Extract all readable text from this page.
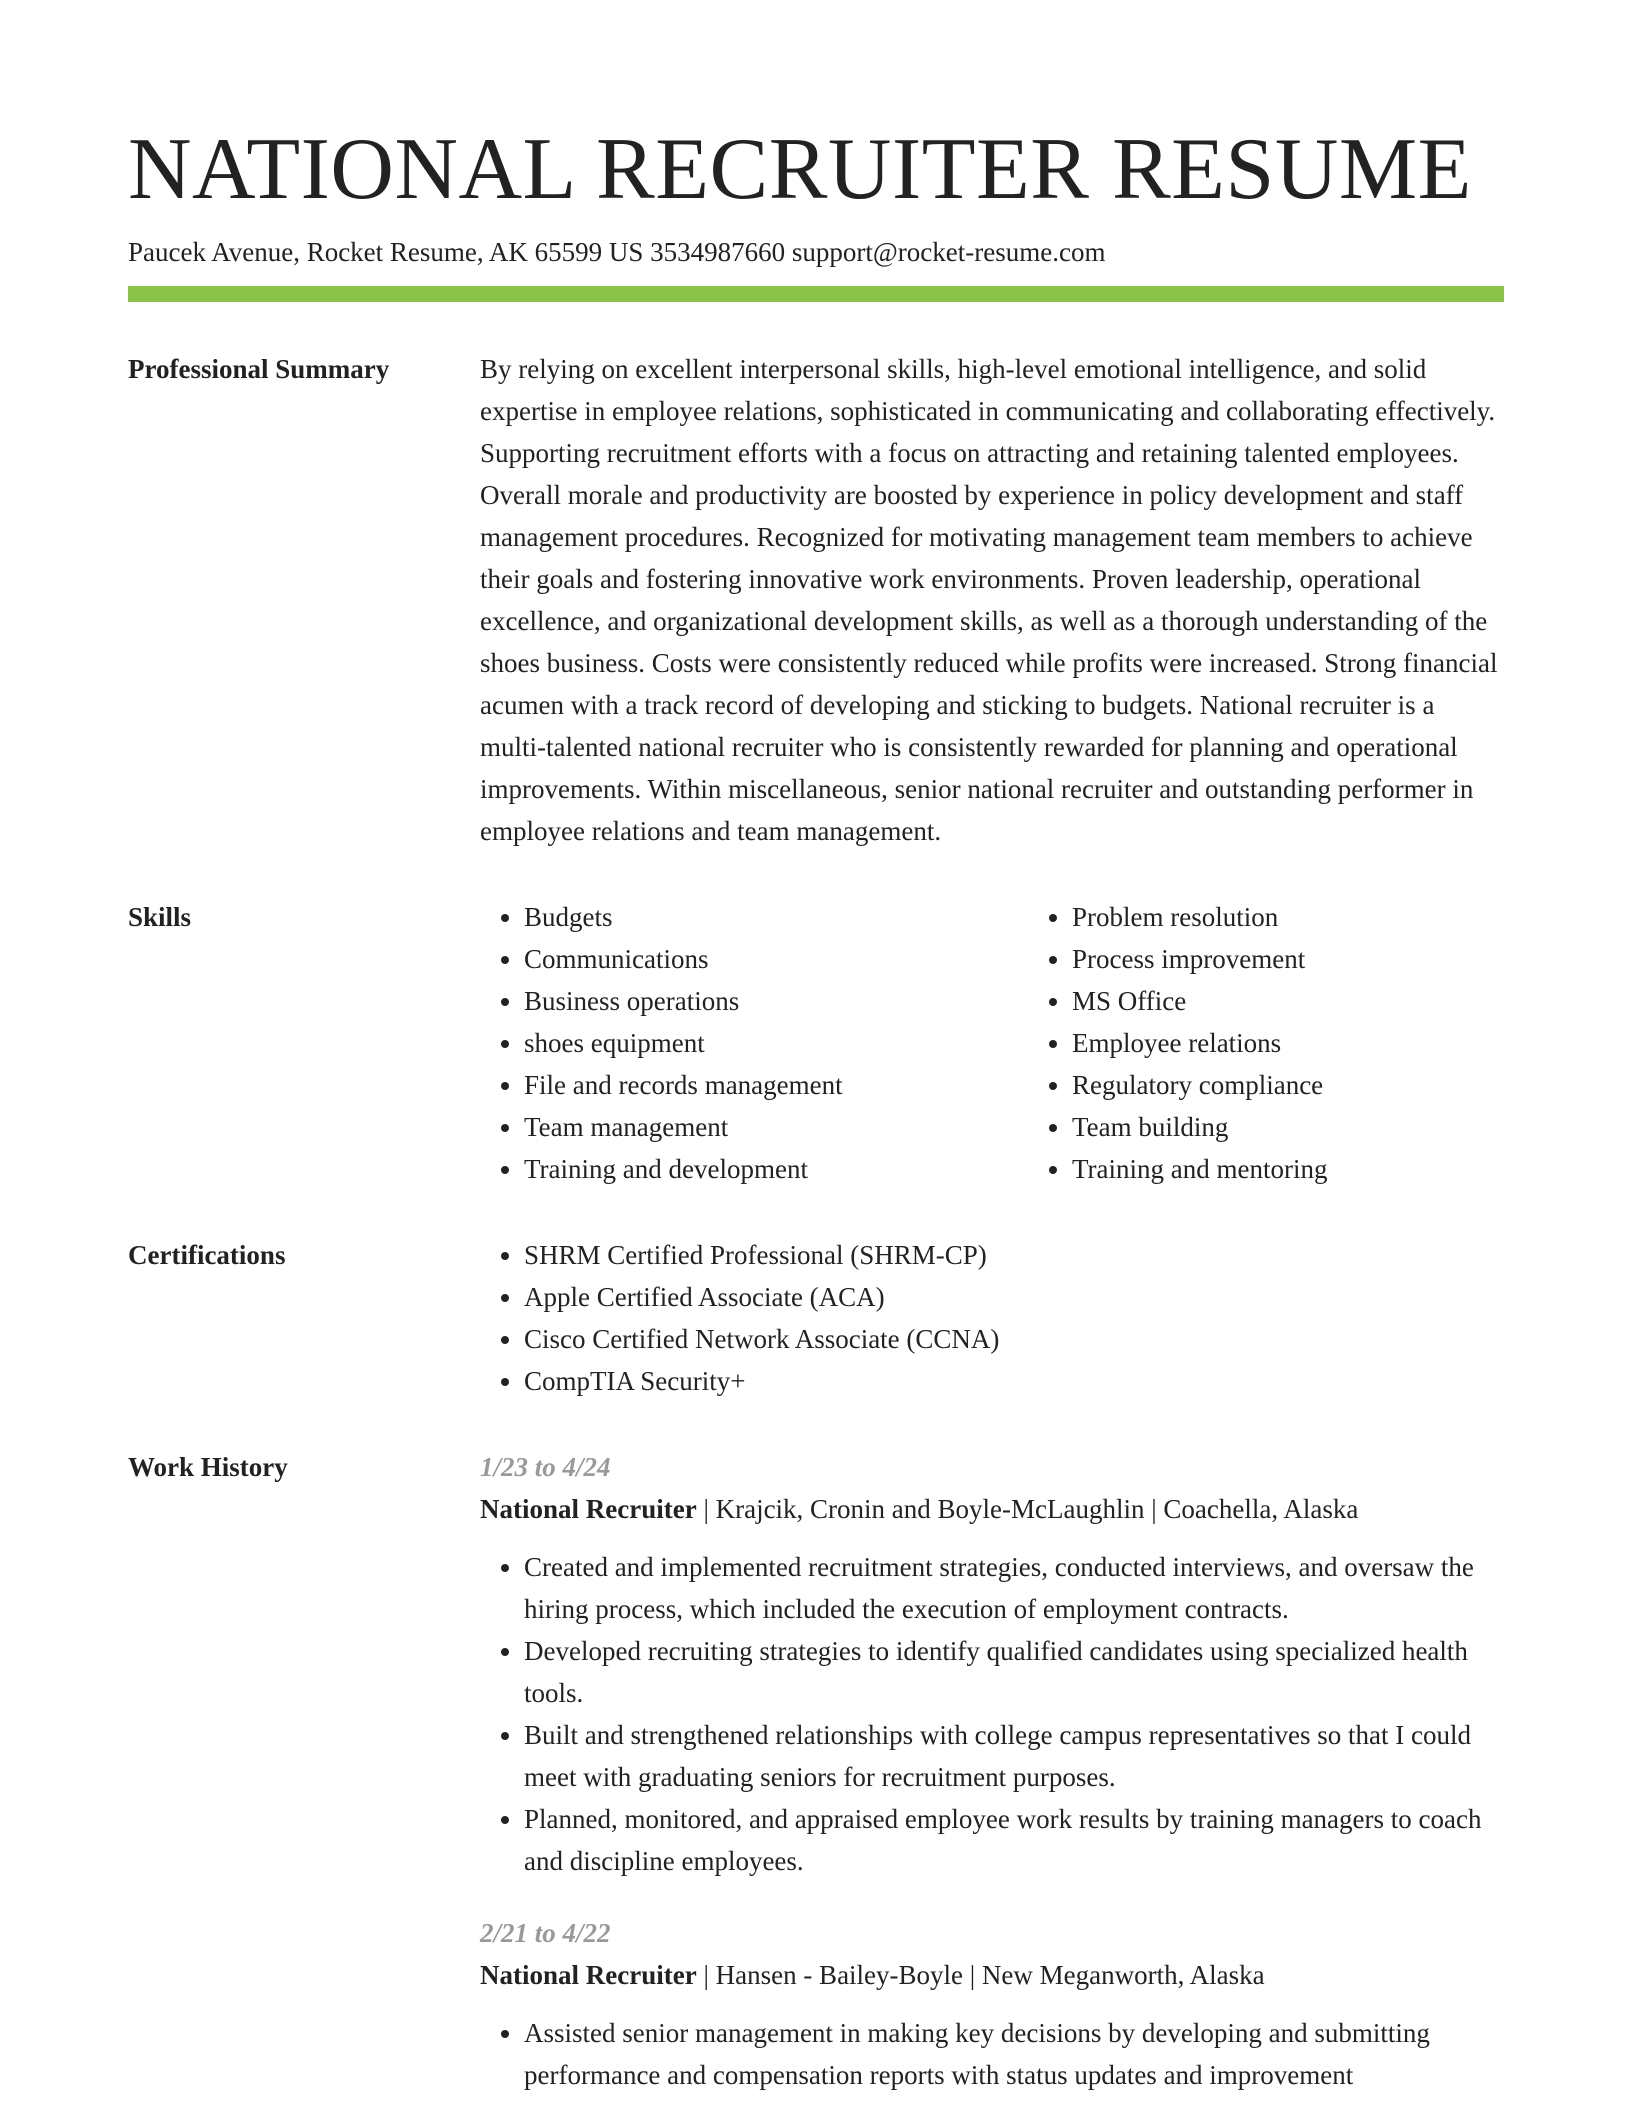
NATIONAL RECRUITER RESUME
Paucek Avenue, Rocket Resume, AK 65599 US 3534987660 support@rocket-resume.com
Professional Summary	By relying on excellent interpersonal skills, high-level emotional intelligence, and solid expertise in employee relations, sophisticated in communicating and collaborating effectively. Supporting recruitment efforts with a focus on attracting and retaining talented employees. Overall morale and productivity are boosted by experience in policy development and staff management procedures. Recognized for motivating management team members to achieve their goals and fostering innovative work environments. Proven leadership, operational excellence, and organizational development skills, as well as a thorough understanding of the shoes business. Costs were consistently reduced while profits were increased. Strong financial acumen with a track record of developing and sticking to budgets. National recruiter is a multi-talented national recruiter who is consistently rewarded for planning and operational improvements. Within miscellaneous, senior national recruiter and outstanding performer in employee relations and team management.

Skills	• Budgets
• Communications
• Business operations
• shoes equipment
• File and records management
• Team management
• Training and development
• Problem resolution
• Process improvement
• MS Office
• Employee relations
• Regulatory compliance
• Team building
• Training and mentoring
Certifications	• SHRM Certified Professional (SHRM-CP)
• Apple Certified Associate (ACA)
• Cisco Certified Network Associate (CCNA)
• CompTIA Security+
Work History	1/23 to 4/24
National Recruiter | Krajcik, Cronin and Boyle-McLaughlin | Coachella, Alaska
• Created and implemented recruitment strategies, conducted interviews, and oversaw the hiring process, which included the execution of employment contracts.
• Developed recruiting strategies to identify qualified candidates using specialized health tools.
• Built and strengthened relationships with college campus representatives so that I could meet with graduating seniors for recruitment purposes.
• Planned, monitored, and appraised employee work results by training managers to coach and discipline employees.
2/21 to 4/22
National Recruiter | Hansen - Bailey-Boyle | New Meganworth, Alaska
• Assisted senior management in making key decisions by developing and submitting performance and compensation reports with status updates and improvement
